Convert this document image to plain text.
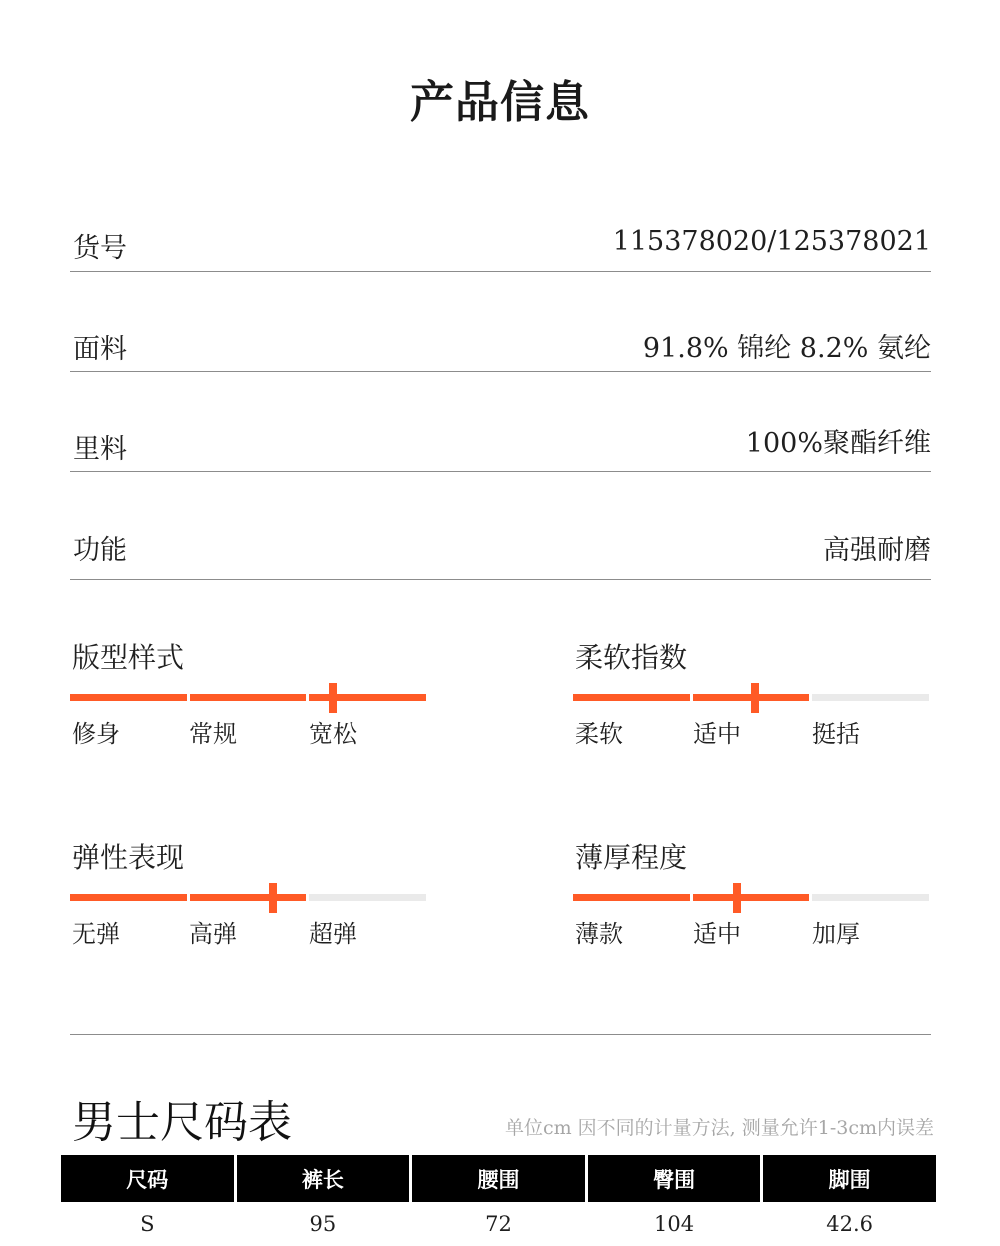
产品信息
货号	115378020/125378021
面料	91.8% 锦纶 8.2% 氨纶
里料	100%聚酯纤维
功能	高强耐磨
版型样式
修身	常规	宽松
柔软指数
柔软	适中	挺括
弹性表现
无弹	高弹	超弹
薄厚程度
薄款	适中	加厚
男士尺码表	单位cm 因不同的计量方法, 测量允许1-3cm内误差
尺码	裤长	腰围	臀围	脚围
S	95	72	104	42.6
